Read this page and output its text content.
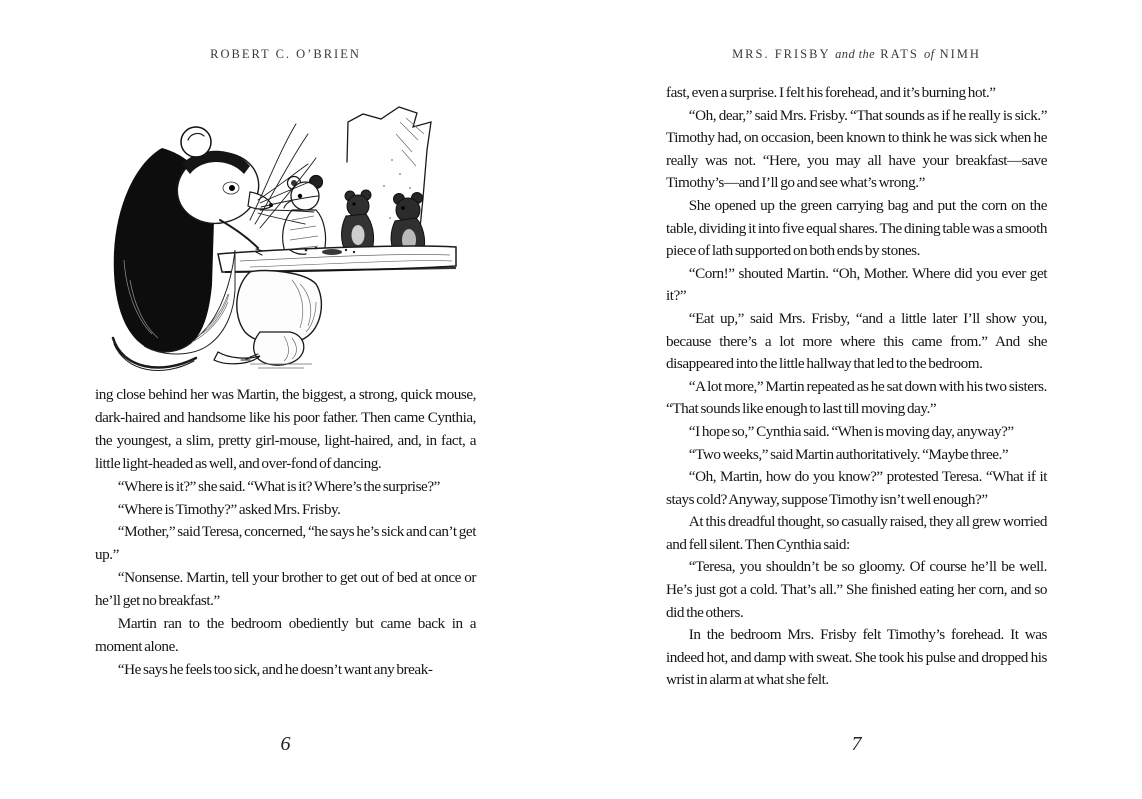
ROBERT C. O’BRIEN

ing close behind her was Martin, the biggest, a strong, quick mouse, dark-haired and handsome like his poor father. Then came Cynthia, the youngest, a slim, pretty girl-mouse, light-haired, and, in fact, a little light-headed as well, and over-fond of dancing.

“Where is it?” she said. “What is it? Where’s the surprise?”

“Where is Timothy?” asked Mrs. Frisby.

“Mother,” said Teresa, concerned, “he says he’s sick and can’t get up.”

“Nonsense. Martin, tell your brother to get out of bed at once or he’ll get no breakfast.”

Martin ran to the bedroom obediently but came back in a moment alone.

“He says he feels too sick, and he doesn’t want any break-

6
MRS. FRISBY and the RATS of NIMH

fast, even a surprise. I felt his forehead, and it’s burning hot.”

“Oh, dear,” said Mrs. Frisby. “That sounds as if he really is sick.” Timothy had, on occasion, been known to think he was sick when he really was not. “Here, you may all have your breakfast—save Timothy’s—and I’ll go and see what’s wrong.”

She opened up the green carrying bag and put the corn on the table, dividing it into five equal shares. The dining table was a smooth piece of lath supported on both ends by stones.

“Corn!” shouted Martin. “Oh, Mother. Where did you ever get it?”

“Eat up,” said Mrs. Frisby, “and a little later I’ll show you, because there’s a lot more where this came from.” And she disappeared into the little hallway that led to the bedroom.

“A lot more,” Martin repeated as he sat down with his two sisters. “That sounds like enough to last till moving day.”

“I hope so,” Cynthia said. “When is moving day, anyway?”

“Two weeks,” said Martin authoritatively. “Maybe three.”

“Oh, Martin, how do you know?” protested Teresa. “What if it stays cold? Anyway, suppose Timothy isn’t well enough?”

At this dreadful thought, so casually raised, they all grew worried and fell silent. Then Cynthia said:

“Teresa, you shouldn’t be so gloomy. Of course he’ll be well. He’s just got a cold. That’s all.” She finished eating her corn, and so did the others.

In the bedroom Mrs. Frisby felt Timothy’s forehead. It was indeed hot, and damp with sweat. She took his pulse and dropped his wrist in alarm at what she felt.

7
